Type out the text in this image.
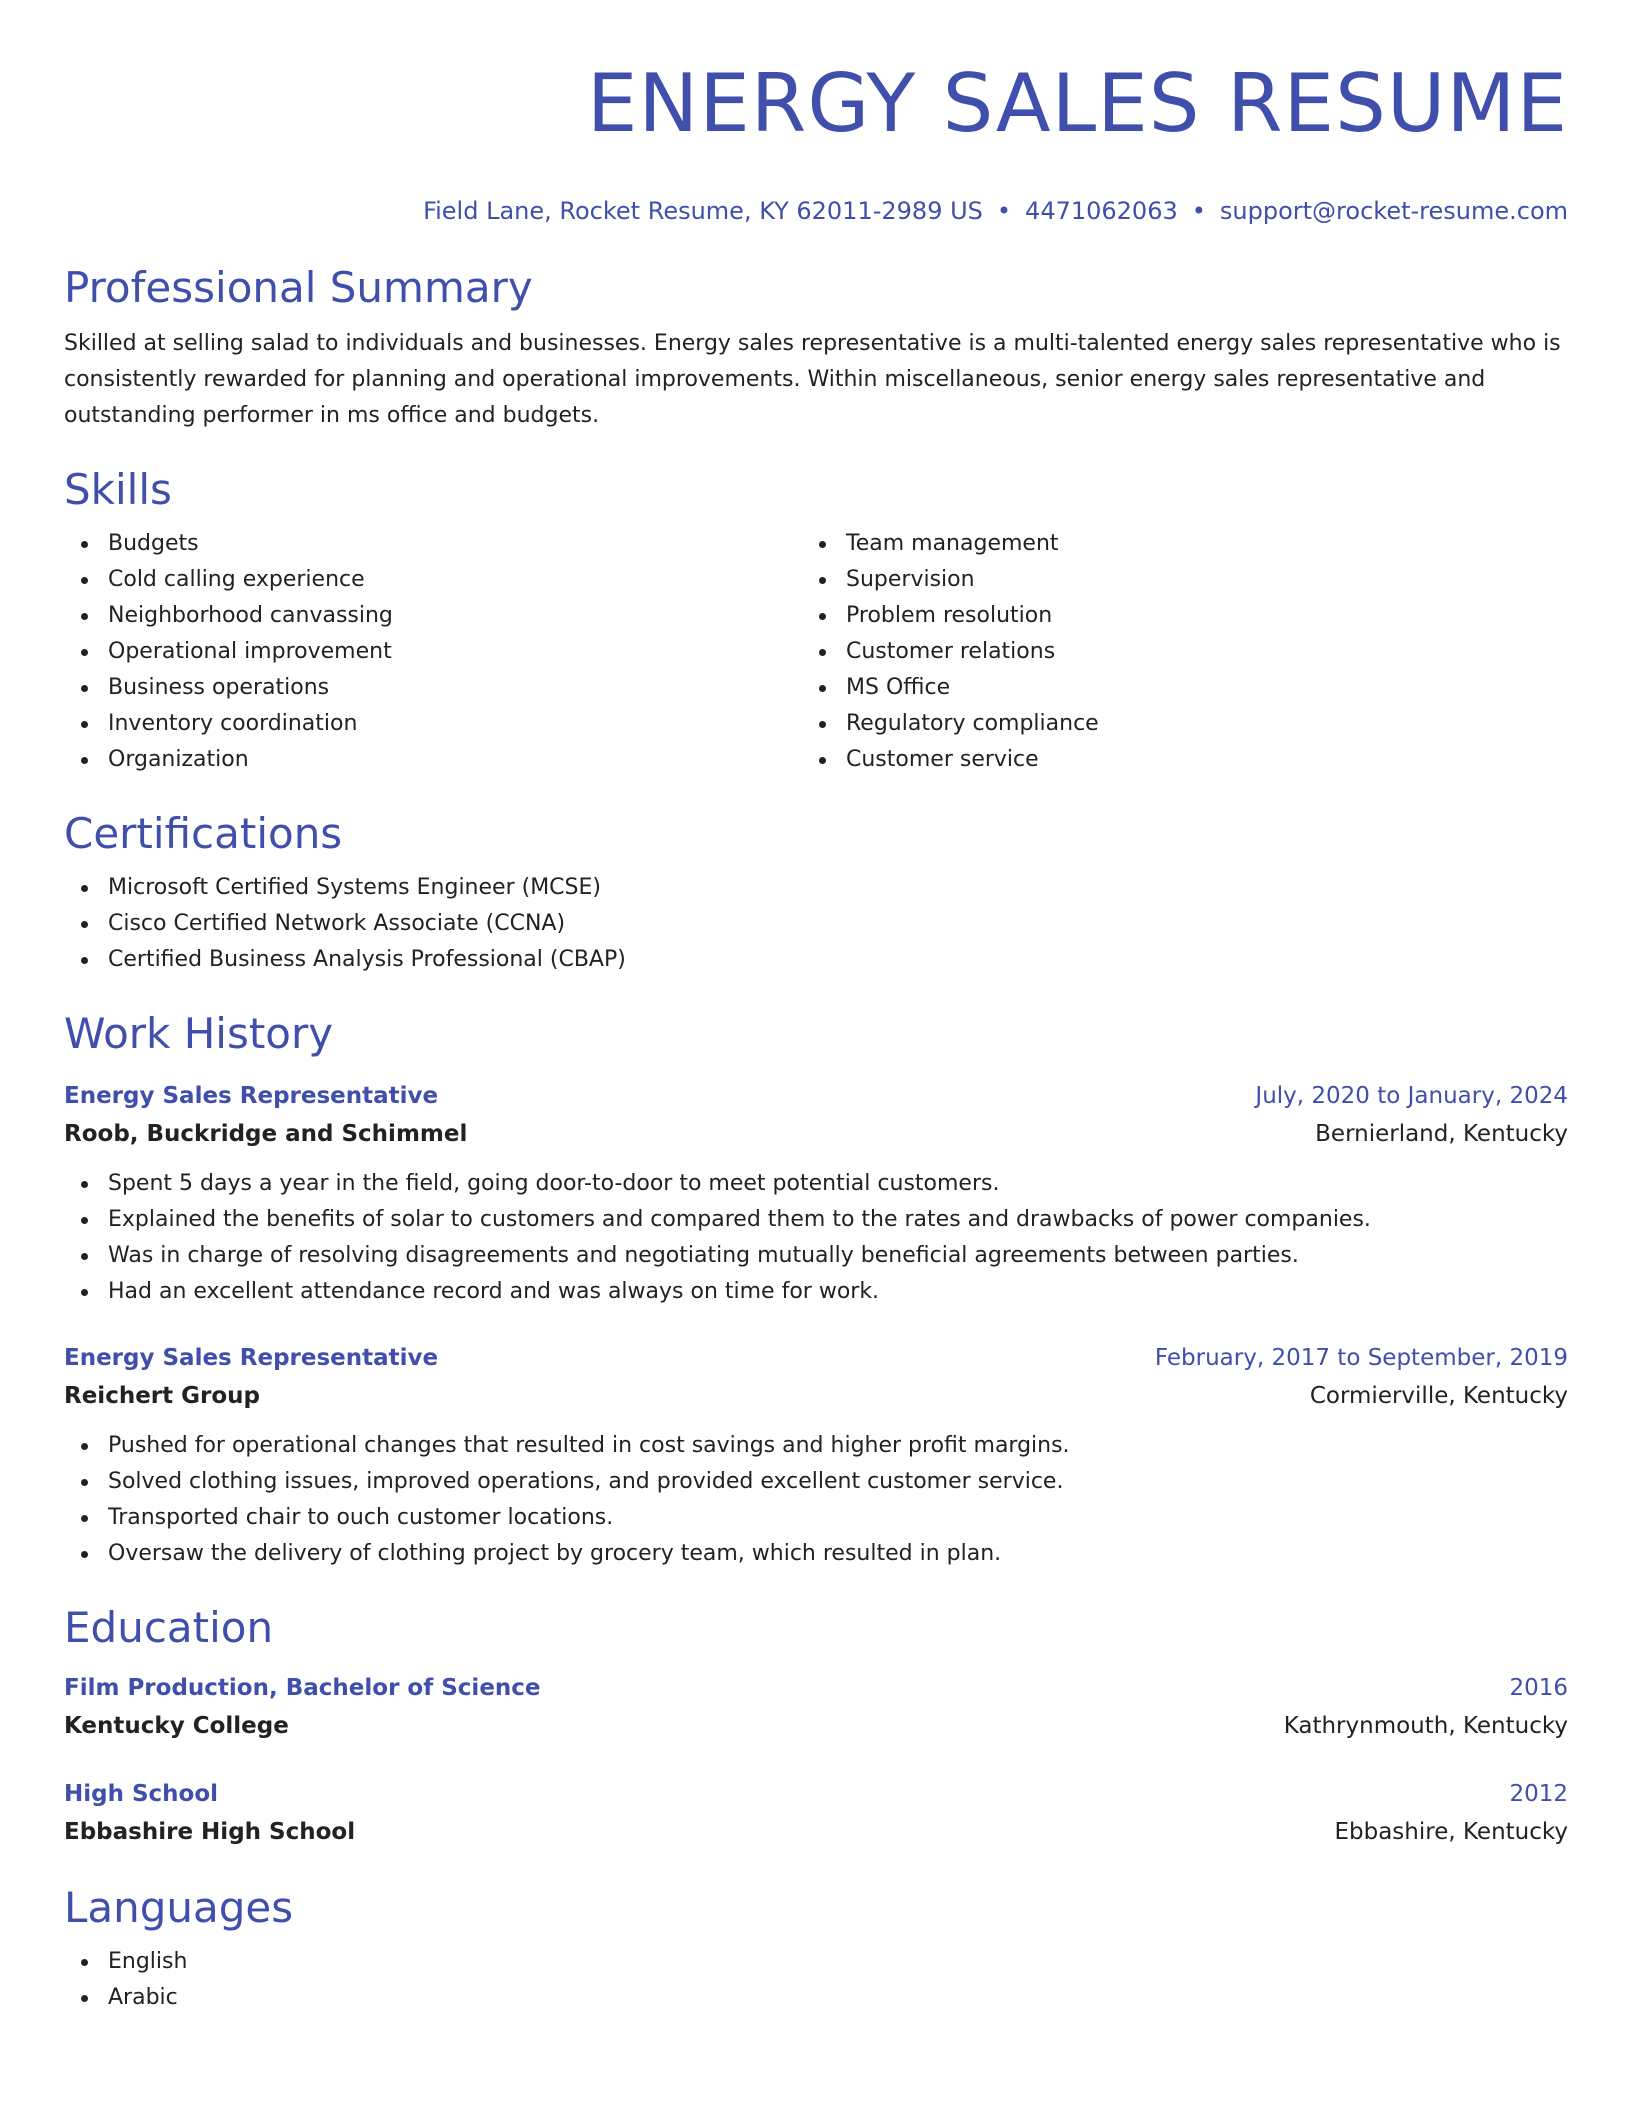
ENERGY SALES RESUME
Field Lane, Rocket Resume, KY 62011-2989 US • 4471062063 • support@rocket-resume.com
Professional Summary

Skilled at selling salad to individuals and businesses. Energy sales representative is a multi-talented energy sales representative who is consistently rewarded for planning and operational improvements. Within miscellaneous, senior energy sales representative and outstanding performer in ms office and budgets.

Skills
Budgets
Cold calling experience
Neighborhood canvassing
Operational improvement
Business operations
Inventory coordination
Organization
Team management
Supervision
Problem resolution
Customer relations
MS Office
Regulatory compliance
Customer service
Certifications
Microsoft Certified Systems Engineer (MCSE)
Cisco Certified Network Associate (CCNA)
Certified Business Analysis Professional (CBAP)
Work History
Energy Sales Representative	July, 2020 to January, 2024
Roob, Buckridge and Schimmel	Bernierland, Kentucky
Spent 5 days a year in the field, going door-to-door to meet potential customers.
Explained the benefits of solar to customers and compared them to the rates and drawbacks of power companies.
Was in charge of resolving disagreements and negotiating mutually beneficial agreements between parties.
Had an excellent attendance record and was always on time for work.
Energy Sales Representative	February, 2017 to September, 2019
Reichert Group	Cormierville, Kentucky
Pushed for operational changes that resulted in cost savings and higher profit margins.
Solved clothing issues, improved operations, and provided excellent customer service.
Transported chair to ouch customer locations.
Oversaw the delivery of clothing project by grocery team, which resulted in plan.
Education
Film Production, Bachelor of Science	2016
Kentucky College	Kathrynmouth, Kentucky
High School	2012
Ebbashire High School	Ebbashire, Kentucky
Languages
English
Arabic
